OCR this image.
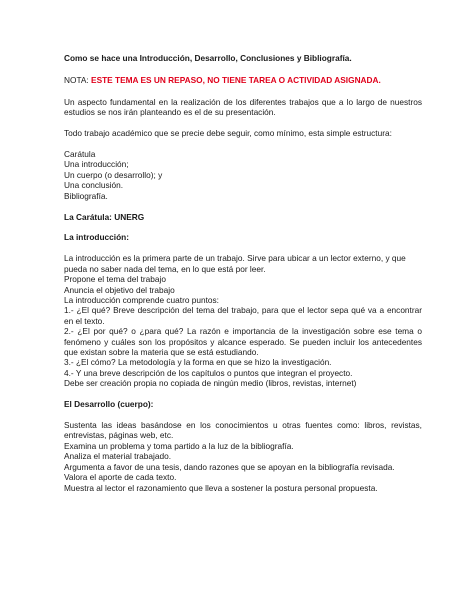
Como se hace una Introducción, Desarrollo, Conclusiones y Bibliografía.

NOTA: ESTE TEMA ES UN REPASO, NO TIENE TAREA O ACTIVIDAD ASIGNADA.

Un aspecto fundamental en la realización de los diferentes trabajos que a lo largo de nuestros estudios se nos irán planteando es el de su presentación.

Todo trabajo académico que se precie debe seguir, como mínimo, esta simple estructura:

Carátula

Una introducción;

Un cuerpo (o desarrollo); y

Una conclusión.

Bibliografía.

La Carátula: UNERG

La introducción:

La introducción es la primera parte de un trabajo. Sirve para ubicar a un lector externo, y que pueda no saber nada del tema, en lo que está por leer.

Propone el tema del trabajo

Anuncia el objetivo del trabajo

La introducción comprende cuatro puntos:

1.- ¿El qué? Breve descripción del tema del trabajo, para que el lector sepa qué va a encontrar en el texto.

2.- ¿El por qué? o ¿para qué? La razón e importancia de la investigación sobre ese tema o fenómeno y cuáles son los propósitos y alcance esperado. Se pueden incluir los antecedentes que existan sobre la materia que se está estudiando.

3.- ¿El cómo? La metodología y la forma en que se hizo la investigación.

4.- Y una breve descripción de los capítulos o puntos que integran el proyecto.

Debe ser creación propia no copiada de ningún medio (libros, revistas, internet)

El Desarrollo (cuerpo):

Sustenta las ideas basándose en los conocimientos u otras fuentes como: libros, revistas, entrevistas, páginas web, etc.

Examina un problema y toma partido a la luz de la bibliografía.

Analiza el material trabajado.

Argumenta a favor de una tesis, dando razones que se apoyan en la bibliografía revisada.

Valora el aporte de cada texto.

Muestra al lector el razonamiento que lleva a sostener la postura personal propuesta.
